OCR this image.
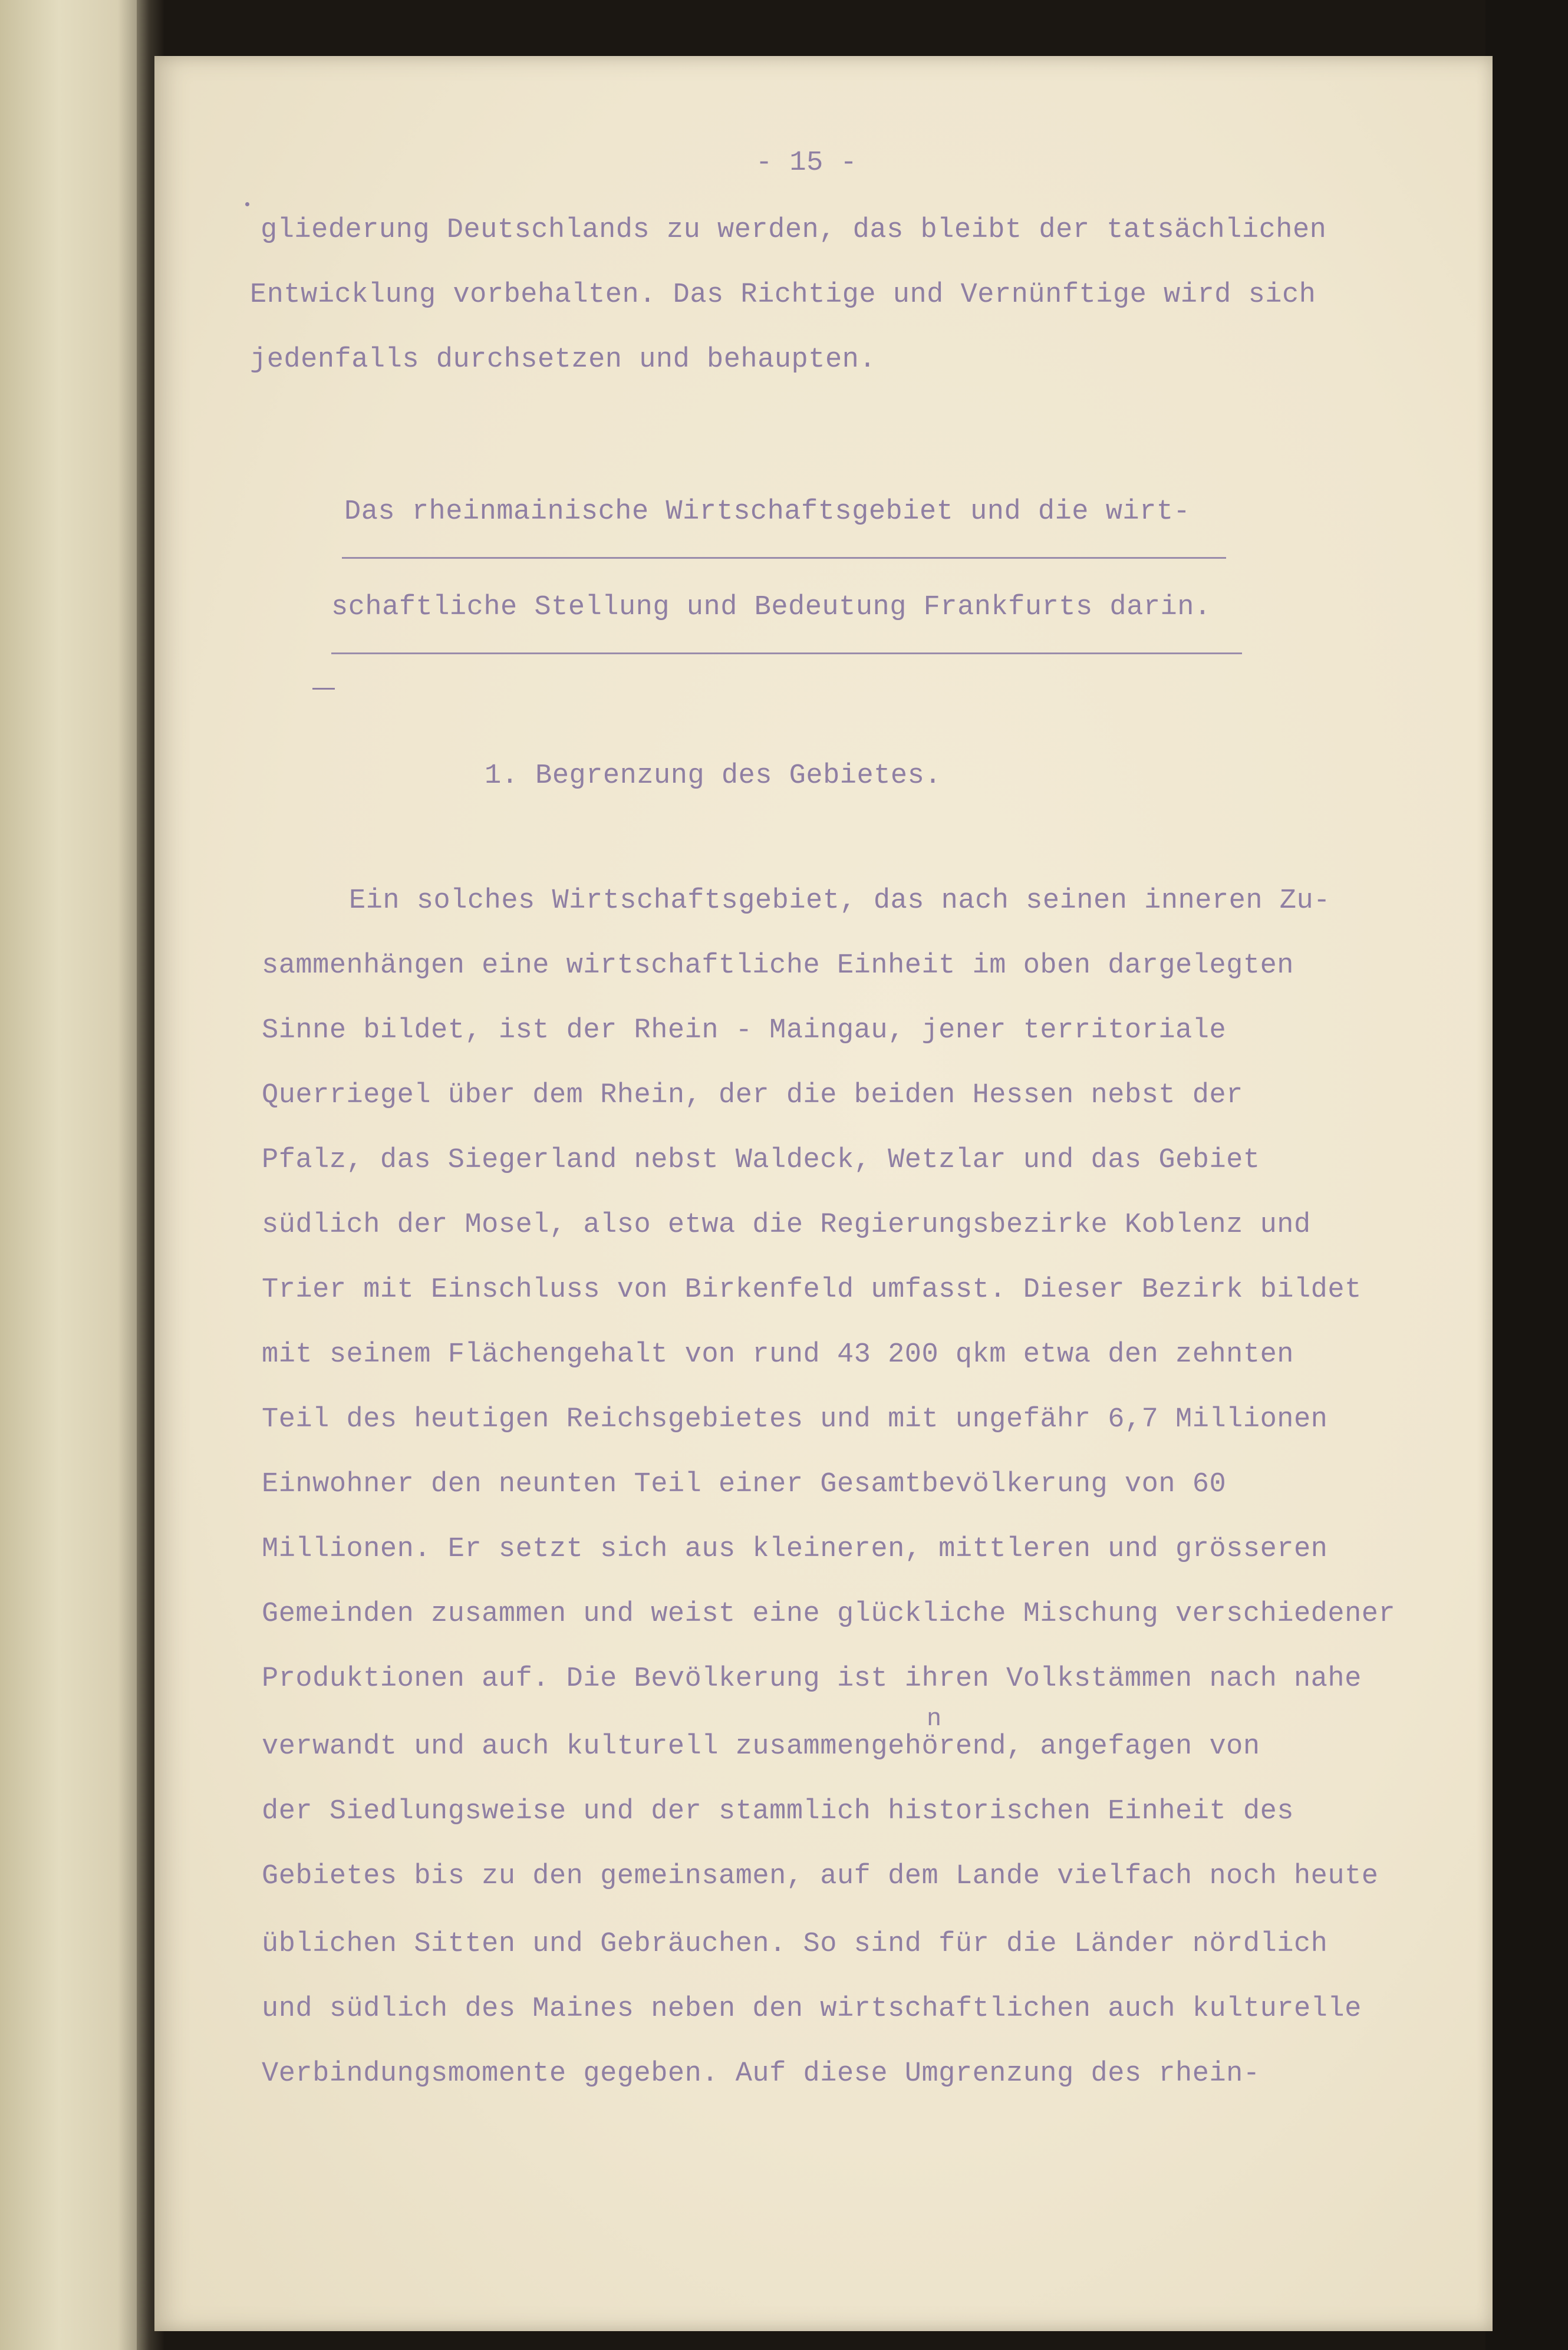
- 15 -
gliederung Deutschlands zu werden, das bleibt der tatsächlichen
Entwicklung vorbehalten. Das Richtige und Vernünftige wird sich
jedenfalls durchsetzen und behaupten.
Das rheinmainische Wirtschaftsgebiet und die wirt-
schaftliche Stellung und Bedeutung Frankfurts darin.
1. Begrenzung des Gebietes.
Ein solches Wirtschaftsgebiet, das nach seinen inneren Zu-
sammenhängen eine wirtschaftliche Einheit im oben dargelegten
Sinne bildet, ist der Rhein - Maingau, jener territoriale
Querriegel über dem Rhein, der die beiden Hessen nebst der
Pfalz, das Siegerland nebst Waldeck, Wetzlar und das Gebiet
südlich der Mosel, also etwa die Regierungsbezirke Koblenz und
Trier mit Einschluss von Birkenfeld umfasst. Dieser Bezirk bildet
mit seinem Flächengehalt von rund 43 200 qkm etwa den zehnten
Teil des heutigen Reichsgebietes und mit ungefähr 6,7 Millionen
Einwohner den neunten Teil einer Gesamtbevölkerung von 60
Millionen. Er setzt sich aus kleineren, mittleren und grösseren
Gemeinden zusammen und weist eine glückliche Mischung verschiedener
Produktionen auf. Die Bevölkerung ist ihren Volkstämmen nach nahe
n
verwandt und auch kulturell zusammengehörend, angefagen von
der Siedlungsweise und der stammlich historischen Einheit des
Gebietes bis zu den gemeinsamen, auf dem Lande vielfach noch heute
üblichen Sitten und Gebräuchen. So sind für die Länder nördlich
und südlich des Maines neben den wirtschaftlichen auch kulturelle
Verbindungsmomente gegeben. Auf diese Umgrenzung des rhein-
